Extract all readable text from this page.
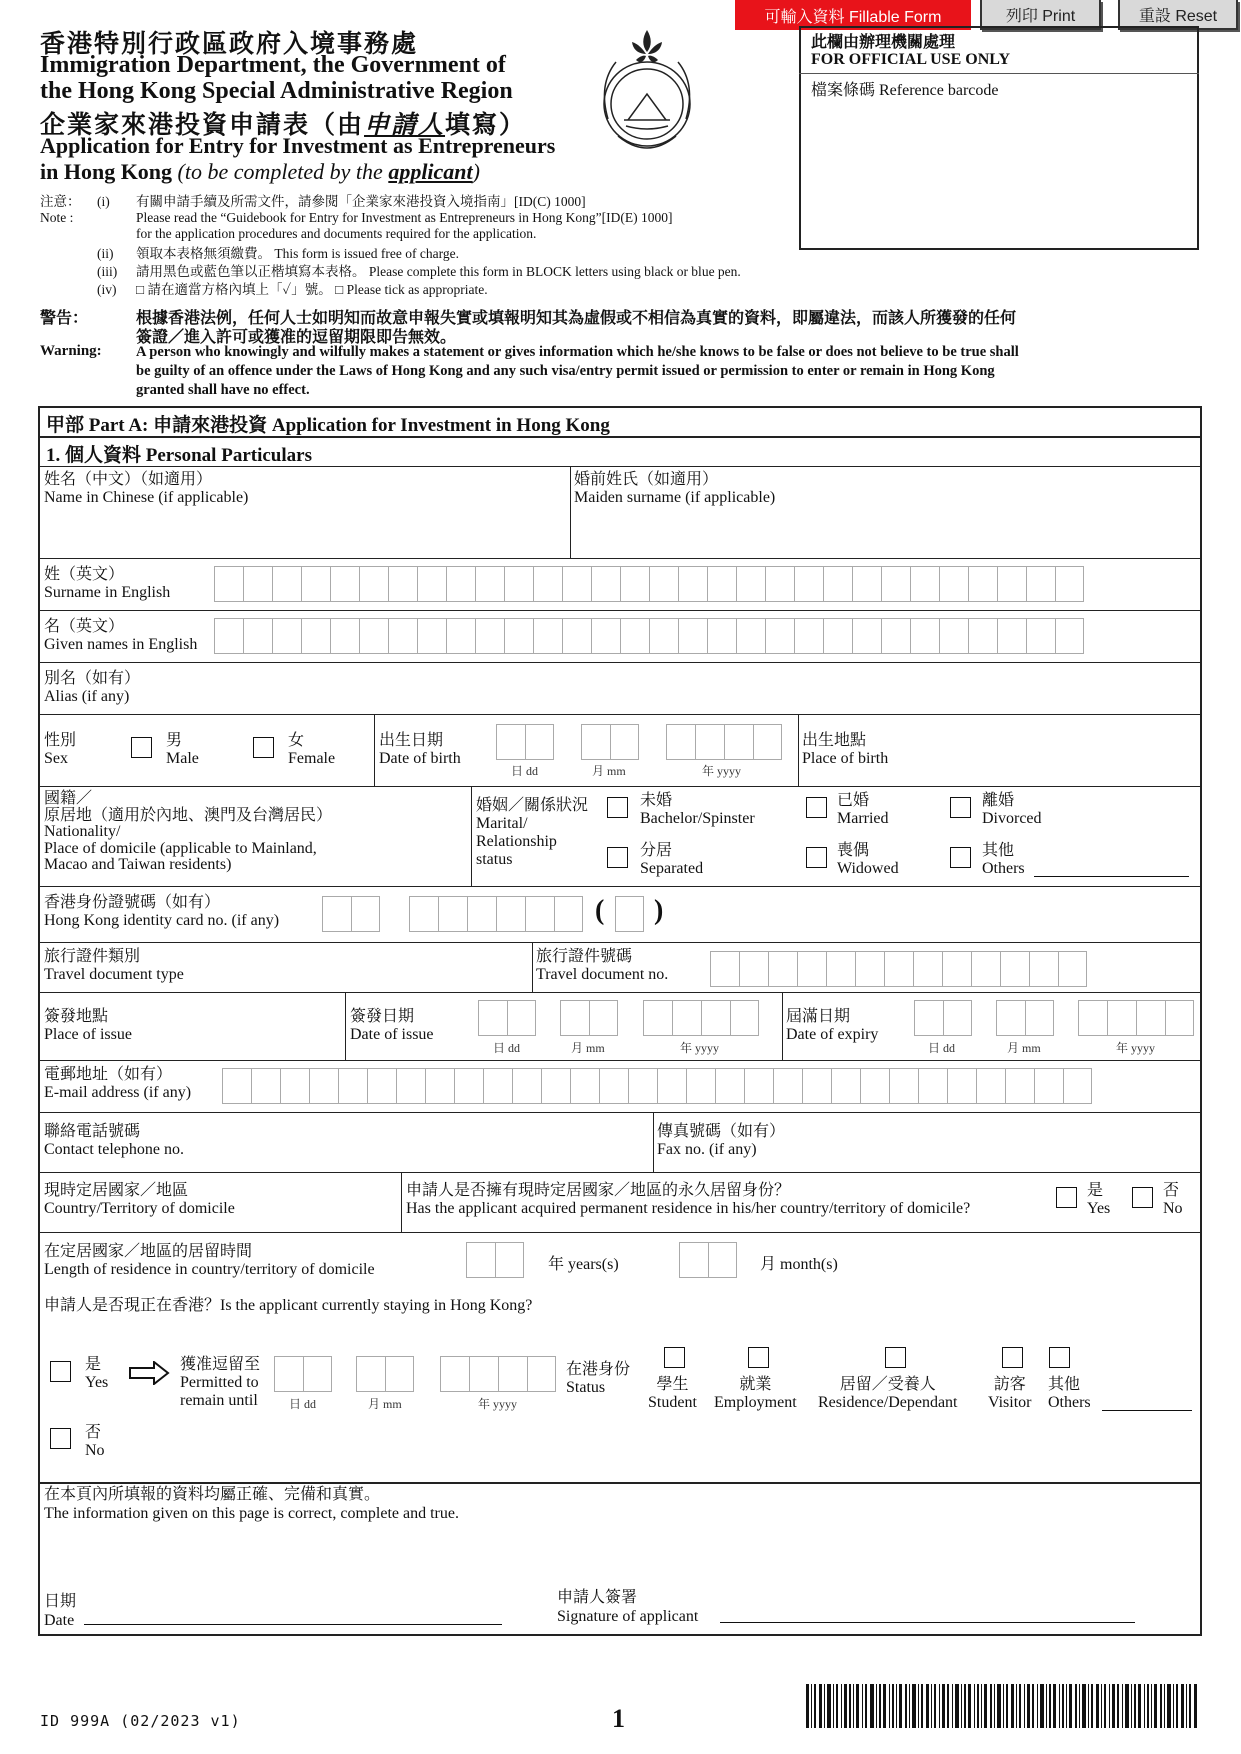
可輸入資料 Fillable Form	列印 Print	重設 Reset
香港特別行政區政府入境事務處
Immigration Department, the Government of
the Hong Kong Special Administrative Region
企業家來港投資申請表（由申請人填寫）
Application for Entry for Investment as Entrepreneurs
in Hong Kong (to be completed by the applicant)
此欄由辦理機關處理
FOR OFFICIAL USE ONLY
檔案條碼 Reference barcode
注意：
Note :
(i) 有關申請手續及所需文件，請參閱「企業家來港投資入境指南」[ID(C) 1000]
Please read the “Guidebook for Entry for Investment as Entrepreneurs in Hong Kong”[ID(E) 1000]
for the application procedures and documents required for the application.
(ii) 領取本表格無須繳費。 This form is issued free of charge.
(iii) 請用黑色或藍色筆以正楷填寫本表格。 Please complete this form in BLOCK letters using black or blue pen.
(iv) □ 請在適當方格內填上「✓」號。 □ Please tick as appropriate.
警告：	根據香港法例，任何人士如明知而故意申報失實或填報明知其為虛假或不相信為真實的資料，即屬違法，而該人所獲發的任何
簽證／進入許可或獲准的逗留期限即告無效。
Warning: A person who knowingly and wilfully makes a statement or gives information which he/she knows to be false or does not believe to be true shall
be guilty of an offence under the Laws of Hong Kong and any such visa/entry permit issued or permission to enter or remain in Hong Kong
granted shall have no effect.
甲部 Part A: 申請來港投資 Application for Investment in Hong Kong
1. 個人資料 Personal Particulars
姓名（中文）（如適用）
Name in Chinese (if applicable)
婚前姓氏（如適用）
Maiden surname (if applicable)
姓（英文）
Surname in English
名（英文）
Given names in English
別名（如有）
Alias (if any)
性別
Sex
男
Male
女
Female
出生日期
Date of birth
日 dd	月 mm	年 yyyy
出生地點
Place of birth
國籍／
原居地（適用於內地、澳門及台灣居民）
Nationality/
Place of domicile (applicable to Mainland,
Macao and Taiwan residents)
婚姻／關係狀況
Marital/
Relationship
status
未婚
Bachelor/Spinster
已婚
Married
離婚
Divorced
分居
Separated
喪偶
Widowed
其他
Others
香港身份證號碼（如有）
Hong Kong identity card no. (if any)	( )
旅行證件類別
Travel document type
旅行證件號碼
Travel document no.
簽發地點
Place of issue
簽發日期
Date of issue
日 dd	月 mm	年 yyyy
屆滿日期
Date of expiry
日 dd	月 mm	年 yyyy
電郵地址（如有）
E-mail address (if any)
聯絡電話號碼
Contact telephone no.
傳真號碼（如有）
Fax no. (if any)
現時定居國家／地區
Country/Territory of domicile
申請人是否擁有現時定居國家／地區的永久居留身份？
Has the applicant acquired permanent residence in his/her country/territory of domicile?
是
Yes
否
No
在定居國家／地區的居留時間
Length of residence in country/territory of domicile	年 years(s)	月 month(s)
申請人是否現正在香港？Is the applicant currently staying in Hong Kong?
是
Yes
獲准逗留至
Permitted to
remain until	日 dd	月 mm	年 yyyy
在港身份
Status	學生
Student
就業
Employment
居留／受養人
Residence/Dependant
訪客
Visitor
其他
Others
否
No
在本頁內所填報的資料均屬正確、完備和真實。
The information given on this page is correct, complete and true.
日期
Date
申請人簽署
Signature of applicant
ID 999A (02/2023 v1)	1
